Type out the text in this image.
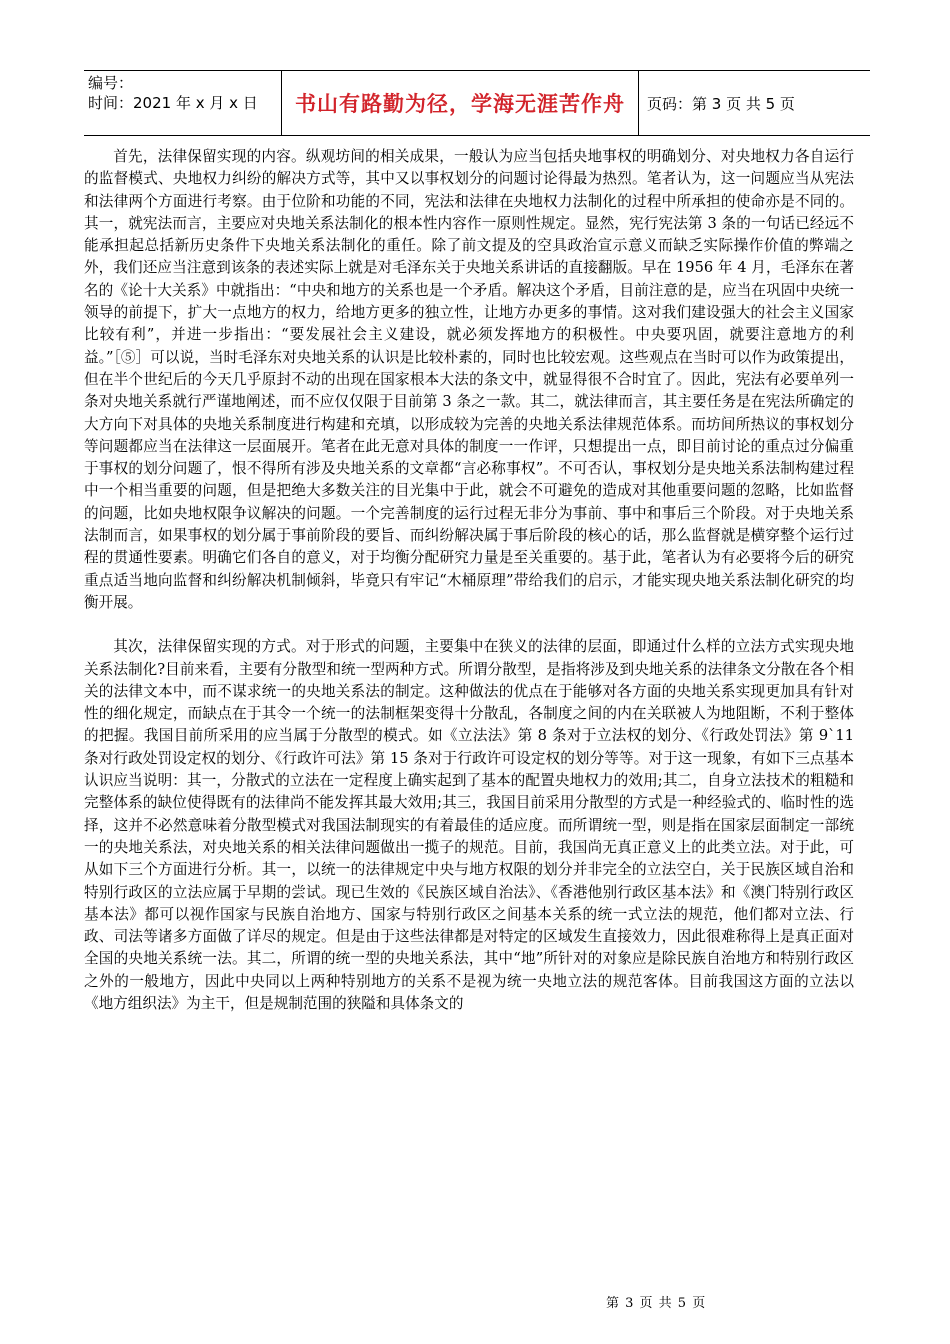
编号：
时间：2021 年 x 月 x 日	书山有路勤为径，学海无涯苦作舟	页码：第 3 页 共 5 页

首先，法律保留实现的内容。纵观坊间的相关成果，一般认为应当包括央地事权的明确划分、对央地权力各自运行的监督模式、央地权力纠纷的解决方式等，其中又以事权划分的问题讨论得最为热烈。笔者认为，这一问题应当从宪法和法律两个方面进行考察。由于位阶和功能的不同，宪法和法律在央地权力法制化的过程中所承担的使命亦是不同的。其一，就宪法而言，主要应对央地关系法制化的根本性内容作一原则性规定。显然，宪行宪法第 3 条的一句话已经远不能承担起总括新历史条件下央地关系法制化的重任。除了前文提及的空具政治宣示意义而缺乏实际操作价值的弊端之外，我们还应当注意到该条的表述实际上就是对毛泽东关于央地关系讲话的直接翻版。早在 1956 年 4 月，毛泽东在著名的《论十大关系》中就指出：“中央和地方的关系也是一个矛盾。解决这个矛盾，目前注意的是，应当在巩固中央统一领导的前提下，扩大一点地方的权力，给地方更多的独立性，让地方办更多的事情。这对我们建设强大的社会主义国家比较有利”，并进一步指出：“要发展社会主义建设，就必须发挥地方的积极性。中央要巩固，就要注意地方的利益。”［⑤］可以说，当时毛泽东对央地关系的认识是比较朴素的，同时也比较宏观。这些观点在当时可以作为政策提出，但在半个世纪后的今天几乎原封不动的出现在国家根本大法的条文中，就显得很不合时宜了。因此，宪法有必要单列一条对央地关系就行严谨地阐述，而不应仅仅限于目前第 3 条之一款。其二，就法律而言，其主要任务是在宪法所确定的大方向下对具体的央地关系制度进行构建和充填，以形成较为完善的央地关系法律规范体系。而坊间所热议的事权划分等问题都应当在法律这一层面展开。笔者在此无意对具体的制度一一作评，只想提出一点，即目前讨论的重点过分偏重于事权的划分问题了，恨不得所有涉及央地关系的文章都“言必称事权”。不可否认，事权划分是央地关系法制构建过程中一个相当重要的问题，但是把绝大多数关注的目光集中于此，就会不可避免的造成对其他重要问题的忽略，比如监督的问题，比如央地权限争议解决的问题。一个完善制度的运行过程无非分为事前、事中和事后三个阶段。对于央地关系法制而言，如果事权的划分属于事前阶段的要旨、而纠纷解决属于事后阶段的核心的话，那么监督就是横穿整个运行过程的贯通性要素。明确它们各自的意义，对于均衡分配研究力量是至关重要的。基于此，笔者认为有必要将今后的研究重点适当地向监督和纠纷解决机制倾斜，毕竟只有牢记“木桶原理”带给我们的启示，才能实现央地关系法制化研究的均衡开展。

其次，法律保留实现的方式。对于形式的问题，主要集中在狭义的法律的层面，即通过什么样的立法方式实现央地关系法制化?目前来看，主要有分散型和统一型两种方式。所谓分散型，是指将涉及到央地关系的法律条文分散在各个相关的法律文本中，而不谋求统一的央地关系法的制定。这种做法的优点在于能够对各方面的央地关系实现更加具有针对性的细化规定，而缺点在于其令一个统一的法制框架变得十分散乱，各制度之间的内在关联被人为地阻断，不利于整体的把握。我国目前所采用的应当属于分散型的模式。如《立法法》第 8 条对于立法权的划分、《行政处罚法》第 9`11 条对行政处罚设定权的划分、《行政许可法》第 15 条对于行政许可设定权的划分等等。对于这一现象，有如下三点基本认识应当说明：其一，分散式的立法在一定程度上确实起到了基本的配置央地权力的效用;其二，自身立法技术的粗糙和完整体系的缺位使得既有的法律尚不能发挥其最大效用;其三，我国目前采用分散型的方式是一种经验式的、临时性的选择，这并不必然意味着分散型模式对我国法制现实的有着最佳的适应度。而所谓统一型，则是指在国家层面制定一部统一的央地关系法，对央地关系的相关法律问题做出一揽子的规范。目前，我国尚无真正意义上的此类立法。对于此，可从如下三个方面进行分析。其一，以统一的法律规定中央与地方权限的划分并非完全的立法空白，关于民族区域自治和特别行政区的立法应属于早期的尝试。现已生效的《民族区域自治法》、《香港他别行政区基本法》和《澳门特别行政区基本法》都可以视作国家与民族自治地方、国家与特别行政区之间基本关系的统一式立法的规范，他们都对立法、行政、司法等诸多方面做了详尽的规定。但是由于这些法律都是对特定的区域发生直接效力，因此很难称得上是真正面对全国的央地关系统一法。其二，所谓的统一型的央地关系法，其中“地”所针对的对象应是除民族自治地方和特别行政区之外的一般地方，因此中央同以上两种特别地方的关系不是视为统一央地立法的规范客体。目前我国这方面的立法以《地方组织法》为主干，但是规制范围的狭隘和具体条文的

第 3 页 共 5 页
